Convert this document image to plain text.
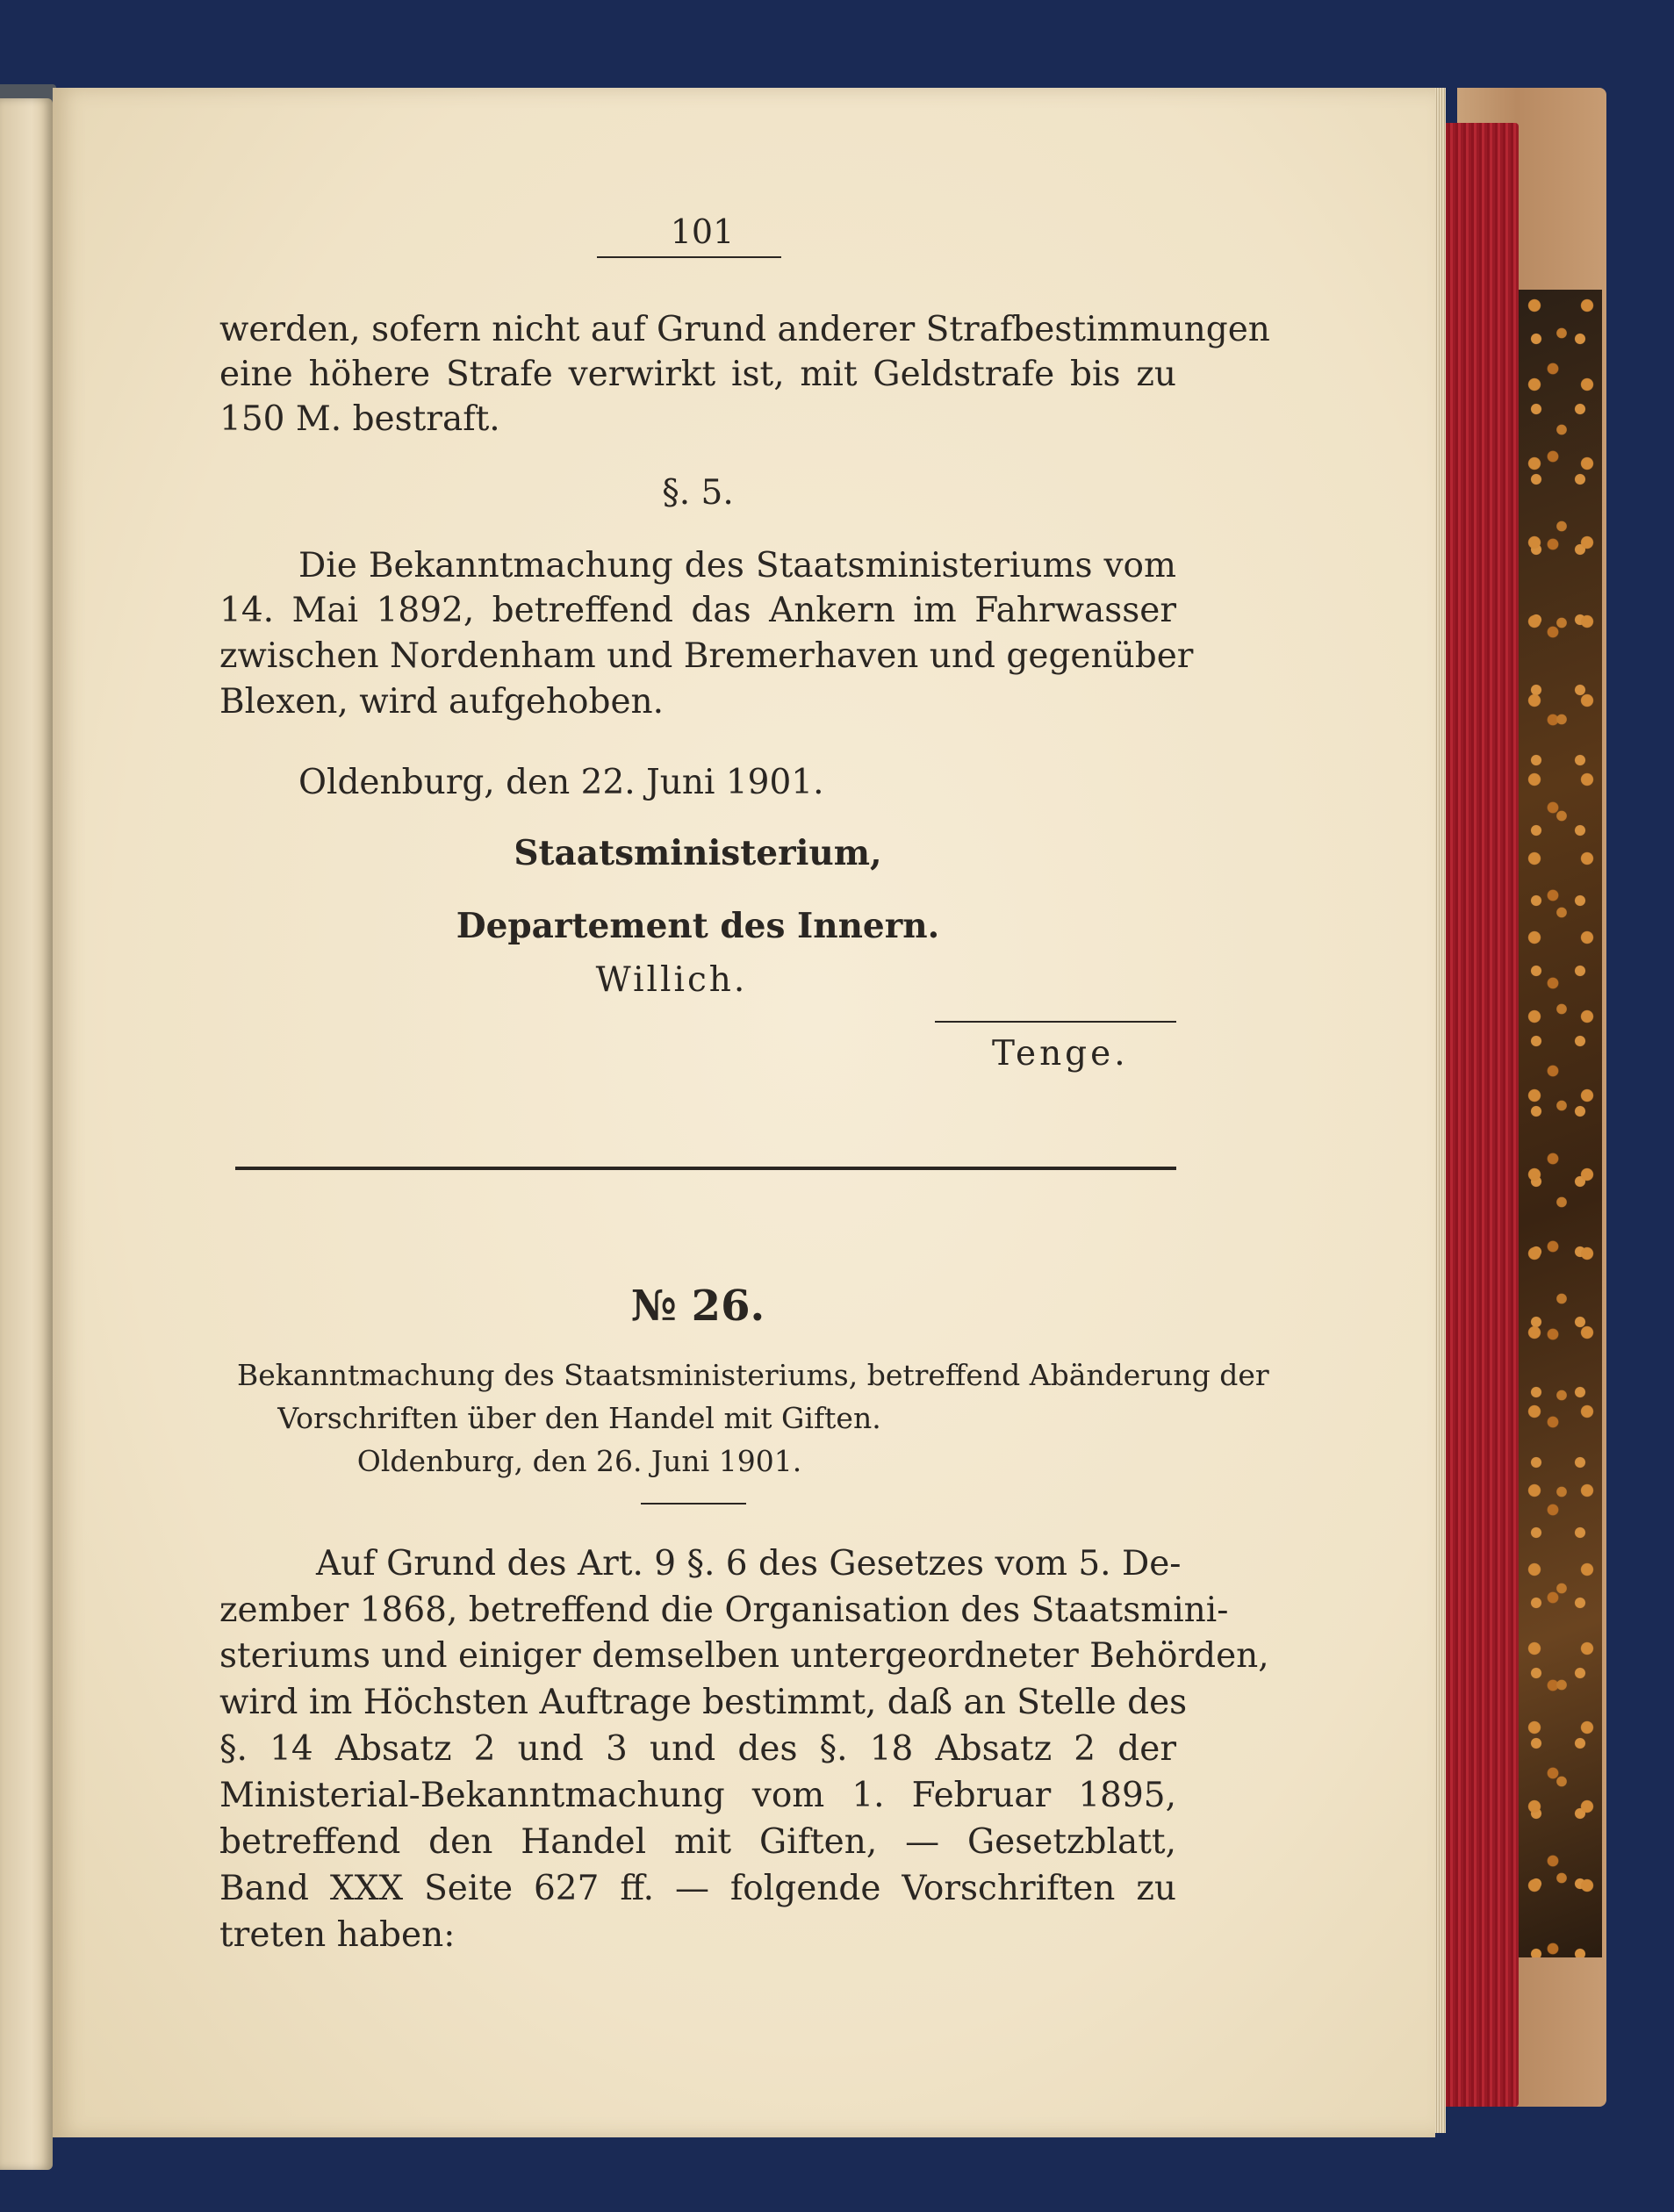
101
werden, sofern nicht auf Grund anderer Strafbestimmungen
eine höhere Strafe verwirkt ist, mit Geldstrafe bis zu
150 M. bestraft.
§. 5.
Die Bekanntmachung des Staatsministeriums vom
14. Mai 1892, betreffend das Ankern im Fahrwasser
zwischen Nordenham und Bremerhaven und gegenüber
Blexen, wird aufgehoben.
Oldenburg, den 22. Juni 1901.
Staatsministerium,
Departement des Innern.
Willich.
Tenge.
№ 26.
Bekanntmachung des Staatsministeriums, betreffend Abänderung der
Vorschriften über den Handel mit Giften.
Oldenburg, den 26. Juni 1901.
Auf Grund des Art. 9 §. 6 des Gesetzes vom 5. De-
zember 1868, betreffend die Organisation des Staatsmini-
steriums und einiger demselben untergeordneter Behörden,
wird im Höchsten Auftrage bestimmt, daß an Stelle des
§. 14 Absatz 2 und 3 und des §. 18 Absatz 2 der
Ministerial-Bekanntmachung vom 1. Februar 1895,
betreffend den Handel mit Giften, — Gesetzblatt,
Band XXX Seite 627 ff. — folgende Vorschriften zu
treten haben:
